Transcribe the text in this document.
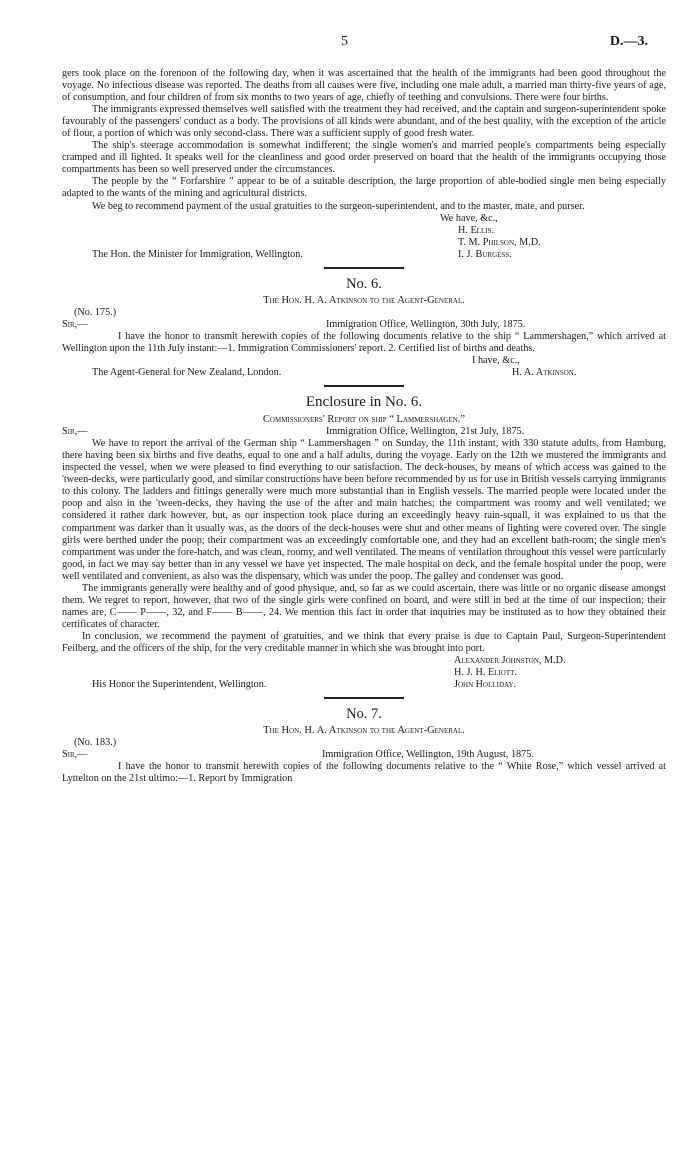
5	D.—3.

gers took place on the forenoon of the following day, when it was ascertained that the health of the immigrants had been good throughout the voyage. No infectious disease was reported. The deaths from all causes were five, including one male adult, a married man thirty-five years of age, of consumption, and four children of from six months to two years of age, chiefly of teething and convulsions. There were four births.

The immigrants expressed themselves well satisfied with the treatment they had received, and the captain and surgeon-superintendent spoke favourably of the passengers' conduct as a body. The provisions of all kinds were abundant, and of the best quality, with the exception of the article of flour, a portion of which was only second-class. There was a sufficient supply of good fresh water.

The ship's steerage accommodation is somewhat indifferent; the single women's and married people's compartments being especially cramped and ill lighted. It speaks well for the cleanliness and good order preserved on board that the health of the immigrants occupying those compartments has been so well preserved under the circumstances.

The people by the “ Forfarshire ” appear to be of a suitable description, the large proportion of able-bodied single men being especially adapted to the wants of the mining and agricultural districts.

We beg to recommend payment of the usual gratuities to the surgeon-superintendent, and to the master, mate, and purser.

We have, &c.,
H. Ellis.
T. M. Philson, M.D.
The Hon. the Minister for Immigration, Wellington.	I. J. Burgess.
No. 6.
The Hon. H. A. Atkinson to the Agent-General.
(No. 175.)
Sir,—	Immigration Office, Wellington, 30th July, 1875.

I have the honor to transmit herewith copies of the following documents relative to the ship “ Lammershagen,” which arrived at Wellington upon the 11th July instant:—1. Immigration Commissioners' report. 2. Certified list of births and deaths.

I have, &c.,
The Agent-General for New Zealand, London.	H. A. Atkinson.
Enclosure in No. 6.
Commissioners' Report on ship “ Lammershagen.”
Sir,—	Immigration Office, Wellington, 21st July, 1875.

We have to report the arrival of the German ship “ Lammershagen ” on Sunday, the 11th instant, with 330 statute adults, from Hamburg, there having been six births and five deaths, equal to one and a half adults, during the voyage. Early on the 12th we mustered the immigrants and inspected the vessel, when we were pleased to find everything to our satisfaction. The deck-houses, by means of which access was gained to the 'tween-decks, were particularly good, and similar constructions have been before recommended by us for use in British vessels carrying immigrants to this colony. The ladders and fittings generally were much more substantial than in English vessels. The married people were located under the poop and also in the 'tween-decks, they having the use of the after and main hatches; the compartment was roomy and well ventilated; we considered it rather dark however, but, as our inspection took place during an exceedingly heavy rain-squall, it was explained to us that the compartment was darker than it usually was, as the doors of the deck-houses were shut and other means of lighting were covered over. The single girls were berthed under the poop; their compartment was an exceedingly comfortable one, and they had an excellent bath-room; the single men's compartment was under the fore-hatch, and was clean, roomy, and well ventilated. The means of ventilation throughout this vessel were particularly good, in fact we may say better than in any vessel we have yet inspected. The male hospital on deck, and the female hospital under the poop, were well ventilated and convenient, as also was the dispensary, which was under the poop. The galley and condenser was good.

The immigrants generally were healthy and of good physique, and, so far as we could ascertain, there was little or no organic disease amongst them. We regret to report, however, that two of the single girls were confined on board, and were still in bed at the time of our inspection; their names are, C—— P——, 32, and F—— B——, 24. We mention this fact in order that inquiries may be instituted as to how they obtained their certificates of character.

In conclusion, we recommend the payment of gratuities, and we think that every praise is due to Captain Paul, Surgeon-Superintendent Feilberg, and the officers of the ship, for the very creditable manner in which she was brought into port.

Alexander Johnston, M.D.
H. J. H. Eliott.
His Honor the Superintendent, Wellington.	John Holliday.
No. 7.
The Hon. H. A. Atkinson to the Agent-General.
(No. 183.)
Sir,—	Immigration Office, Wellington, 19th August, 1875.

I have the honor to transmit herewith copies of the following documents relative to the “ White Rose,” which vessel arrived at Lyttelton on the 21st ultimo:—1. Report by Immigration
